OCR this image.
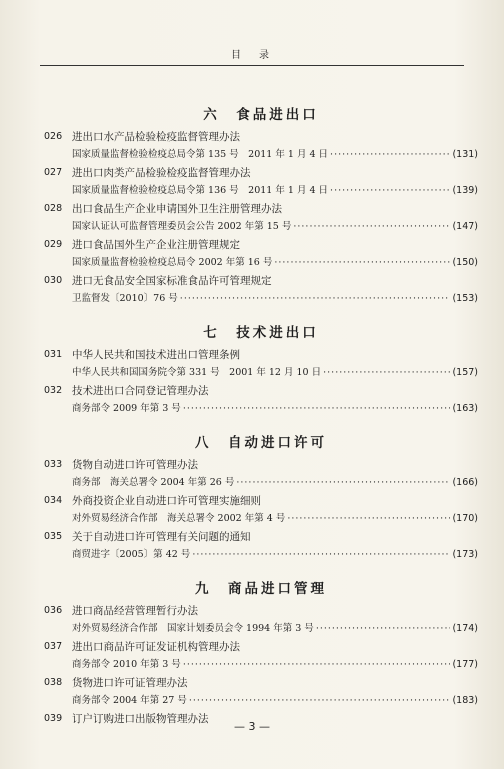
目　录
六　食品进出口
026 进出口水产品检验检疫监督管理办法
国家质量监督检验检疫总局令第 135 号　2011 年 1 月 4 日 ·····	(131)
027 进出口肉类产品检验检疫监督管理办法
国家质量监督检验检疫总局令第 136 号　2011 年 1 月 4 日 ·····	(139)
028 出口食品生产企业申请国外卫生注册管理办法
国家认证认可监督管理委员会公告 2002 年第 15 号 ·····	(147)
029 进口食品国外生产企业注册管理规定
国家质量监督检验检疫总局令 2002 年第 16 号 ·····	(150)
030 进口无食品安全国家标准食品许可管理规定
卫监督发〔2010〕76 号 ·····	(153)
七　技术进出口
031 中华人民共和国技术进出口管理条例
中华人民共和国国务院令第 331 号　2001 年 12 月 10 日 ·····	(157)
032 技术进出口合同登记管理办法
商务部令 2009 年第 3 号 ·····	(163)
八　自动进口许可
033 货物自动进口许可管理办法
商务部　海关总署令 2004 年第 26 号 ·····	(166)
034 外商投资企业自动进口许可管理实施细则
对外贸易经济合作部　海关总署令 2002 年第 4 号 ·····	(170)
035 关于自动进口许可管理有关问题的通知
商贸进字〔2005〕第 42 号 ·····	(173)
九　商品进口管理
036 进口商品经营管理暂行办法
对外贸易经济合作部　国家计划委员会令 1994 年第 3 号 ·····	(174)
037 进出口商品许可证发证机构管理办法
商务部令 2010 年第 3 号 ·····	(177)
038 货物进口许可证管理办法
商务部令 2004 年第 27 号 ·····	(183)
039 订户订购进口出版物管理办法
— 3 —
